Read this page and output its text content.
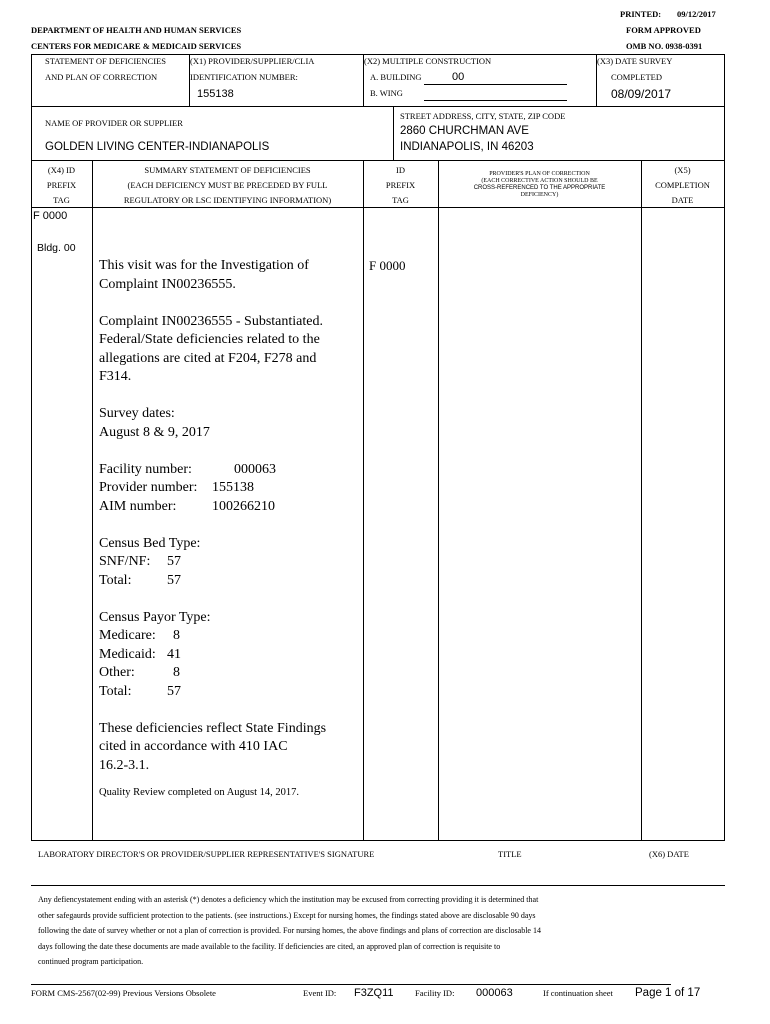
PRINTED: 09/12/2017
DEPARTMENT OF HEALTH AND HUMAN SERVICES	FORM APPROVED
CENTERS FOR MEDICARE & MEDICAID SERVICES	OMB NO. 0938-0391
STATEMENT OF DEFICIENCIES
AND PLAN OF CORRECTION
(X1) PROVIDER/SUPPLIER/CLIA
IDENTIFICATION NUMBER:
155138
(X2) MULTIPLE CONSTRUCTION
A. BUILDING	00
B. WING
(X3) DATE SURVEY
COMPLETED
08/09/2017
NAME OF PROVIDER OR SUPPLIER
GOLDEN LIVING CENTER-INDIANAPOLIS
STREET ADDRESS, CITY, STATE, ZIP CODE
2860 CHURCHMAN AVE
INDIANAPOLIS, IN 46203
(X4) ID
PREFIX
TAG
SUMMARY STATEMENT OF DEFICIENCIES
(EACH DEFICIENCY MUST BE PRECEDED BY FULL
REGULATORY OR LSC IDENTIFYING INFORMATION)
ID
PREFIX
TAG
PROVIDER'S PLAN OF CORRECTION
(EACH CORRECTIVE ACTION SHOULD BE
CROSS-REFERENCED TO THE APPROPRIATE
DEFICIENCY)
(X5)
COMPLETION
DATE
F 0000
Bldg. 00
F 0000
This visit was for the Investigation of
Complaint IN00236555.
Complaint IN00236555 - Substantiated.
Federal/State deficiencies related to the
allegations are cited at F204, F278 and
F314.
Survey dates:
August 8 & 9, 2017
Facility number:	000063
Provider number: 155138
AIM number:	100266210
Census Bed Type:
SNF/NF: 57
Total:	57
Census Payor Type:
Medicare: 8
Medicaid: 41
Other:	8
Total:	57
These deficiencies reflect State Findings
cited in accordance with 410 IAC
16.2-3.1.
Quality Review completed on August 14, 2017.
LABORATORY DIRECTOR'S OR PROVIDER/SUPPLIER REPRESENTATIVE'S SIGNATURE	TITLE	(X6) DATE
Any defiencystatement ending with an asterisk (*) denotes a deficiency which the institution may be excused from correcting providing it is determined that
other safegaurds provide sufficient protection to the patients. (see instructions.) Except for nursing homes, the findings stated above are disclosable 90 days
following the date of survey whether or not a plan of correction is provided. For nursing homes, the above findings and plans of correction are disclosable 14
days following the date these documents are made available to the facility. If deficiencies are cited, an approved plan of correction is requisite to
continued program participation.
FORM CMS-2567(02-99) Previous Versions Obsolete	Event ID: F3ZQ11	Facility ID: 000063	If continuation sheet Page 1 of 17
